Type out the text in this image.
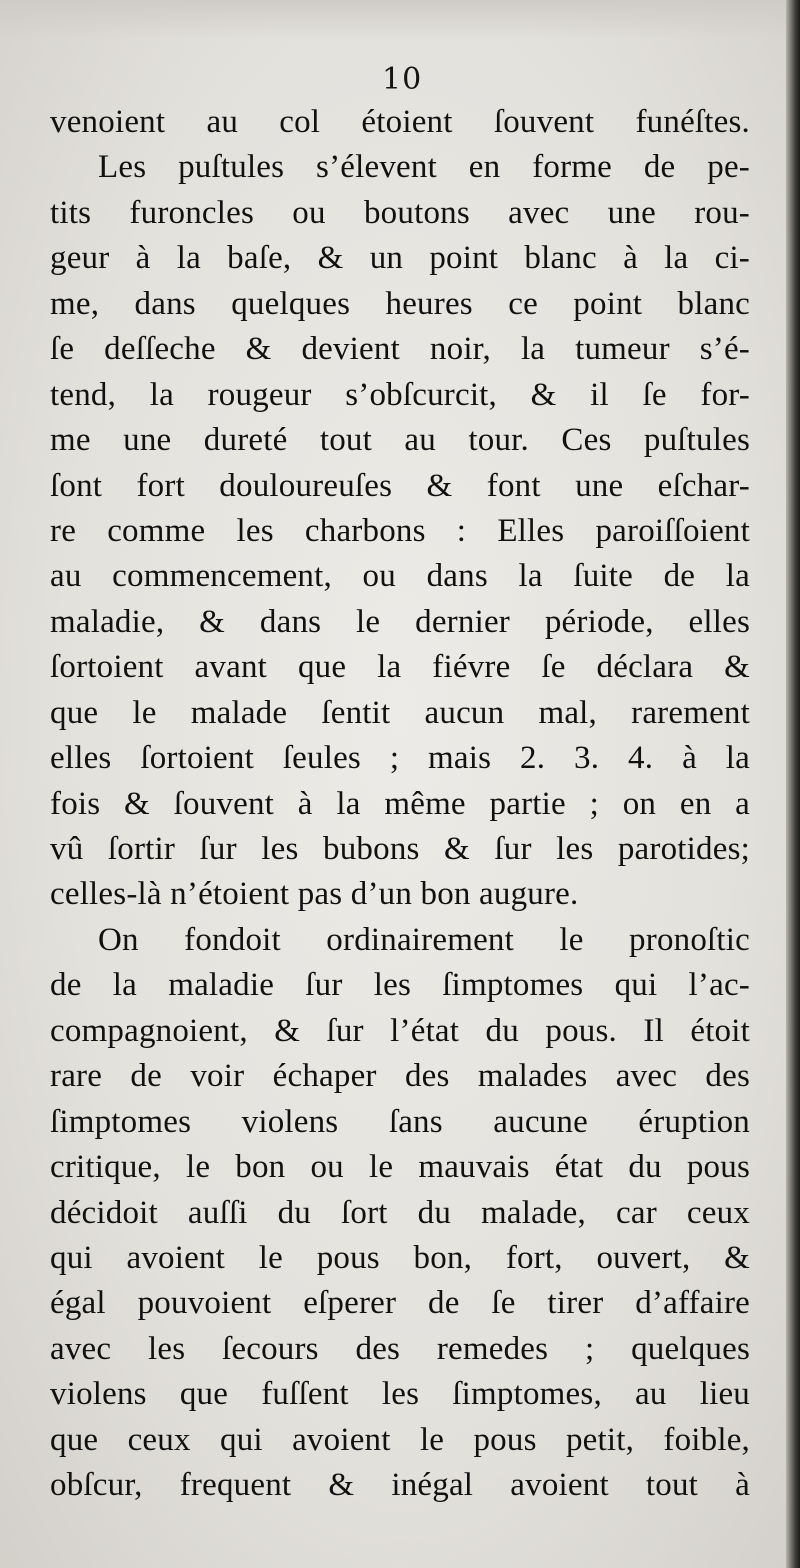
10
venoient au col étoient ſouvent funéſtes.
Les puſtules s’élevent en forme de pe-
tits furoncles ou boutons avec une rou-
geur à la baſe, & un point blanc à la ci-
me, dans quelques heures ce point blanc
ſe deſſeche & devient noir, la tumeur s’é-
tend, la rougeur s’obſcurcit, & il ſe for-
me une dureté tout au tour. Ces puſtules
ſont fort douloureuſes & font une eſchar-
re comme les charbons : Elles paroiſſoient
au commencement, ou dans la ſuite de la
maladie, & dans le dernier période, elles
ſortoient avant que la fiévre ſe déclara &
que le malade ſentit aucun mal, rarement
elles ſortoient ſeules ; mais 2. 3. 4. à la
fois & ſouvent à la même partie ; on en a
vû ſortir ſur les bubons & ſur les parotides;
celles-là n’étoient pas d’un bon augure.
On fondoit ordinairement le pronoſtic
de la maladie ſur les ſimptomes qui l’ac-
compagnoient, & ſur l’état du pous. Il étoit
rare de voir échaper des malades avec des
ſimptomes violens ſans aucune éruption
critique, le bon ou le mauvais état du pous
décidoit auſſi du ſort du malade, car ceux
qui avoient le pous bon, fort, ouvert, &
égal pouvoient eſperer de ſe tirer d’affaire
avec les ſecours des remedes ; quelques
violens que fuſſent les ſimptomes, au lieu
que ceux qui avoient le pous petit, foible,
obſcur, frequent & inégal avoient tout à
